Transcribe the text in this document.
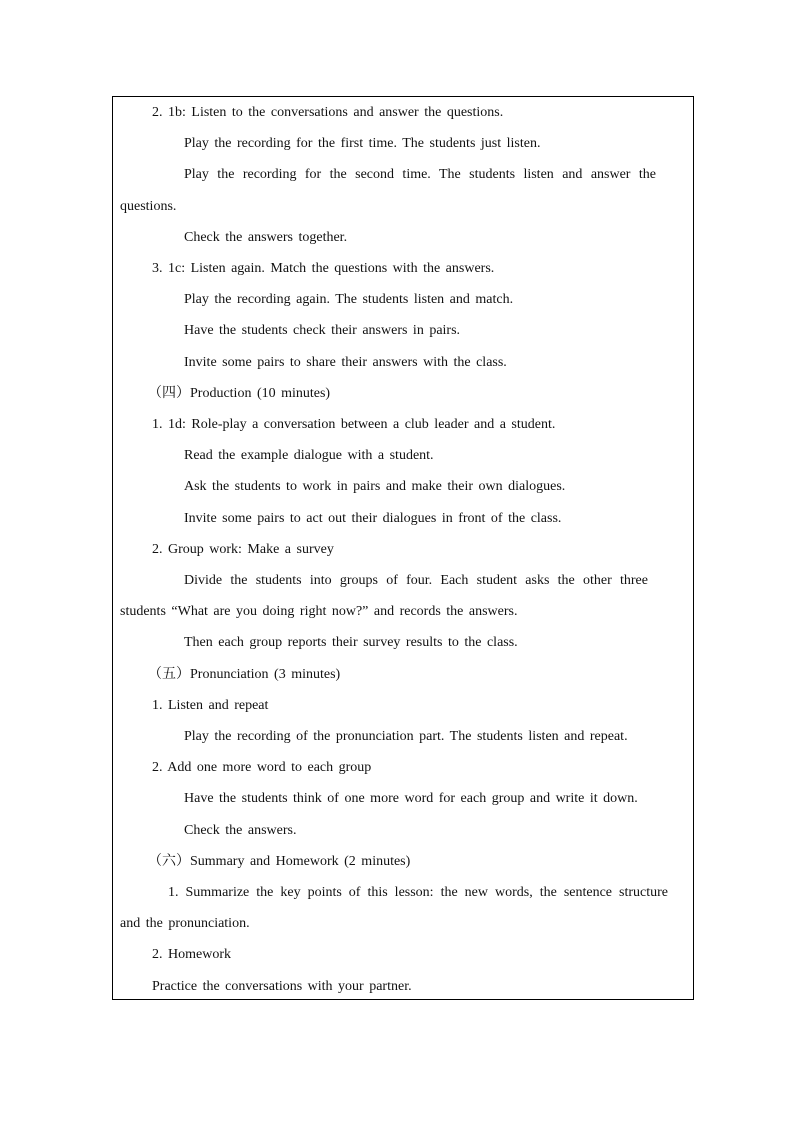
2. 1b: Listen to the conversations and answer the questions.
Play the recording for the first time. The students just listen.
Play the recording for the second time. The students listen and answer the
questions.
Check the answers together.
3. 1c: Listen again. Match the questions with the answers.
Play the recording again. The students listen and match.
Have the students check their answers in pairs.
Invite some pairs to share their answers with the class.
（四）Production (10 minutes)
1. 1d: Role-play a conversation between a club leader and a student.
Read the example dialogue with a student.
Ask the students to work in pairs and make their own dialogues.
Invite some pairs to act out their dialogues in front of the class.
2. Group work: Make a survey
Divide the students into groups of four. Each student asks the other three
students “What are you doing right now?” and records the answers.
Then each group reports their survey results to the class.
（五）Pronunciation (3 minutes)
1. Listen and repeat
Play the recording of the pronunciation part. The students listen and repeat.
2. Add one more word to each group
Have the students think of one more word for each group and write it down.
Check the answers.
（六）Summary and Homework (2 minutes)
1. Summarize the key points of this lesson: the new words, the sentence structure
and the pronunciation.
2. Homework
Practice the conversations with your partner.
